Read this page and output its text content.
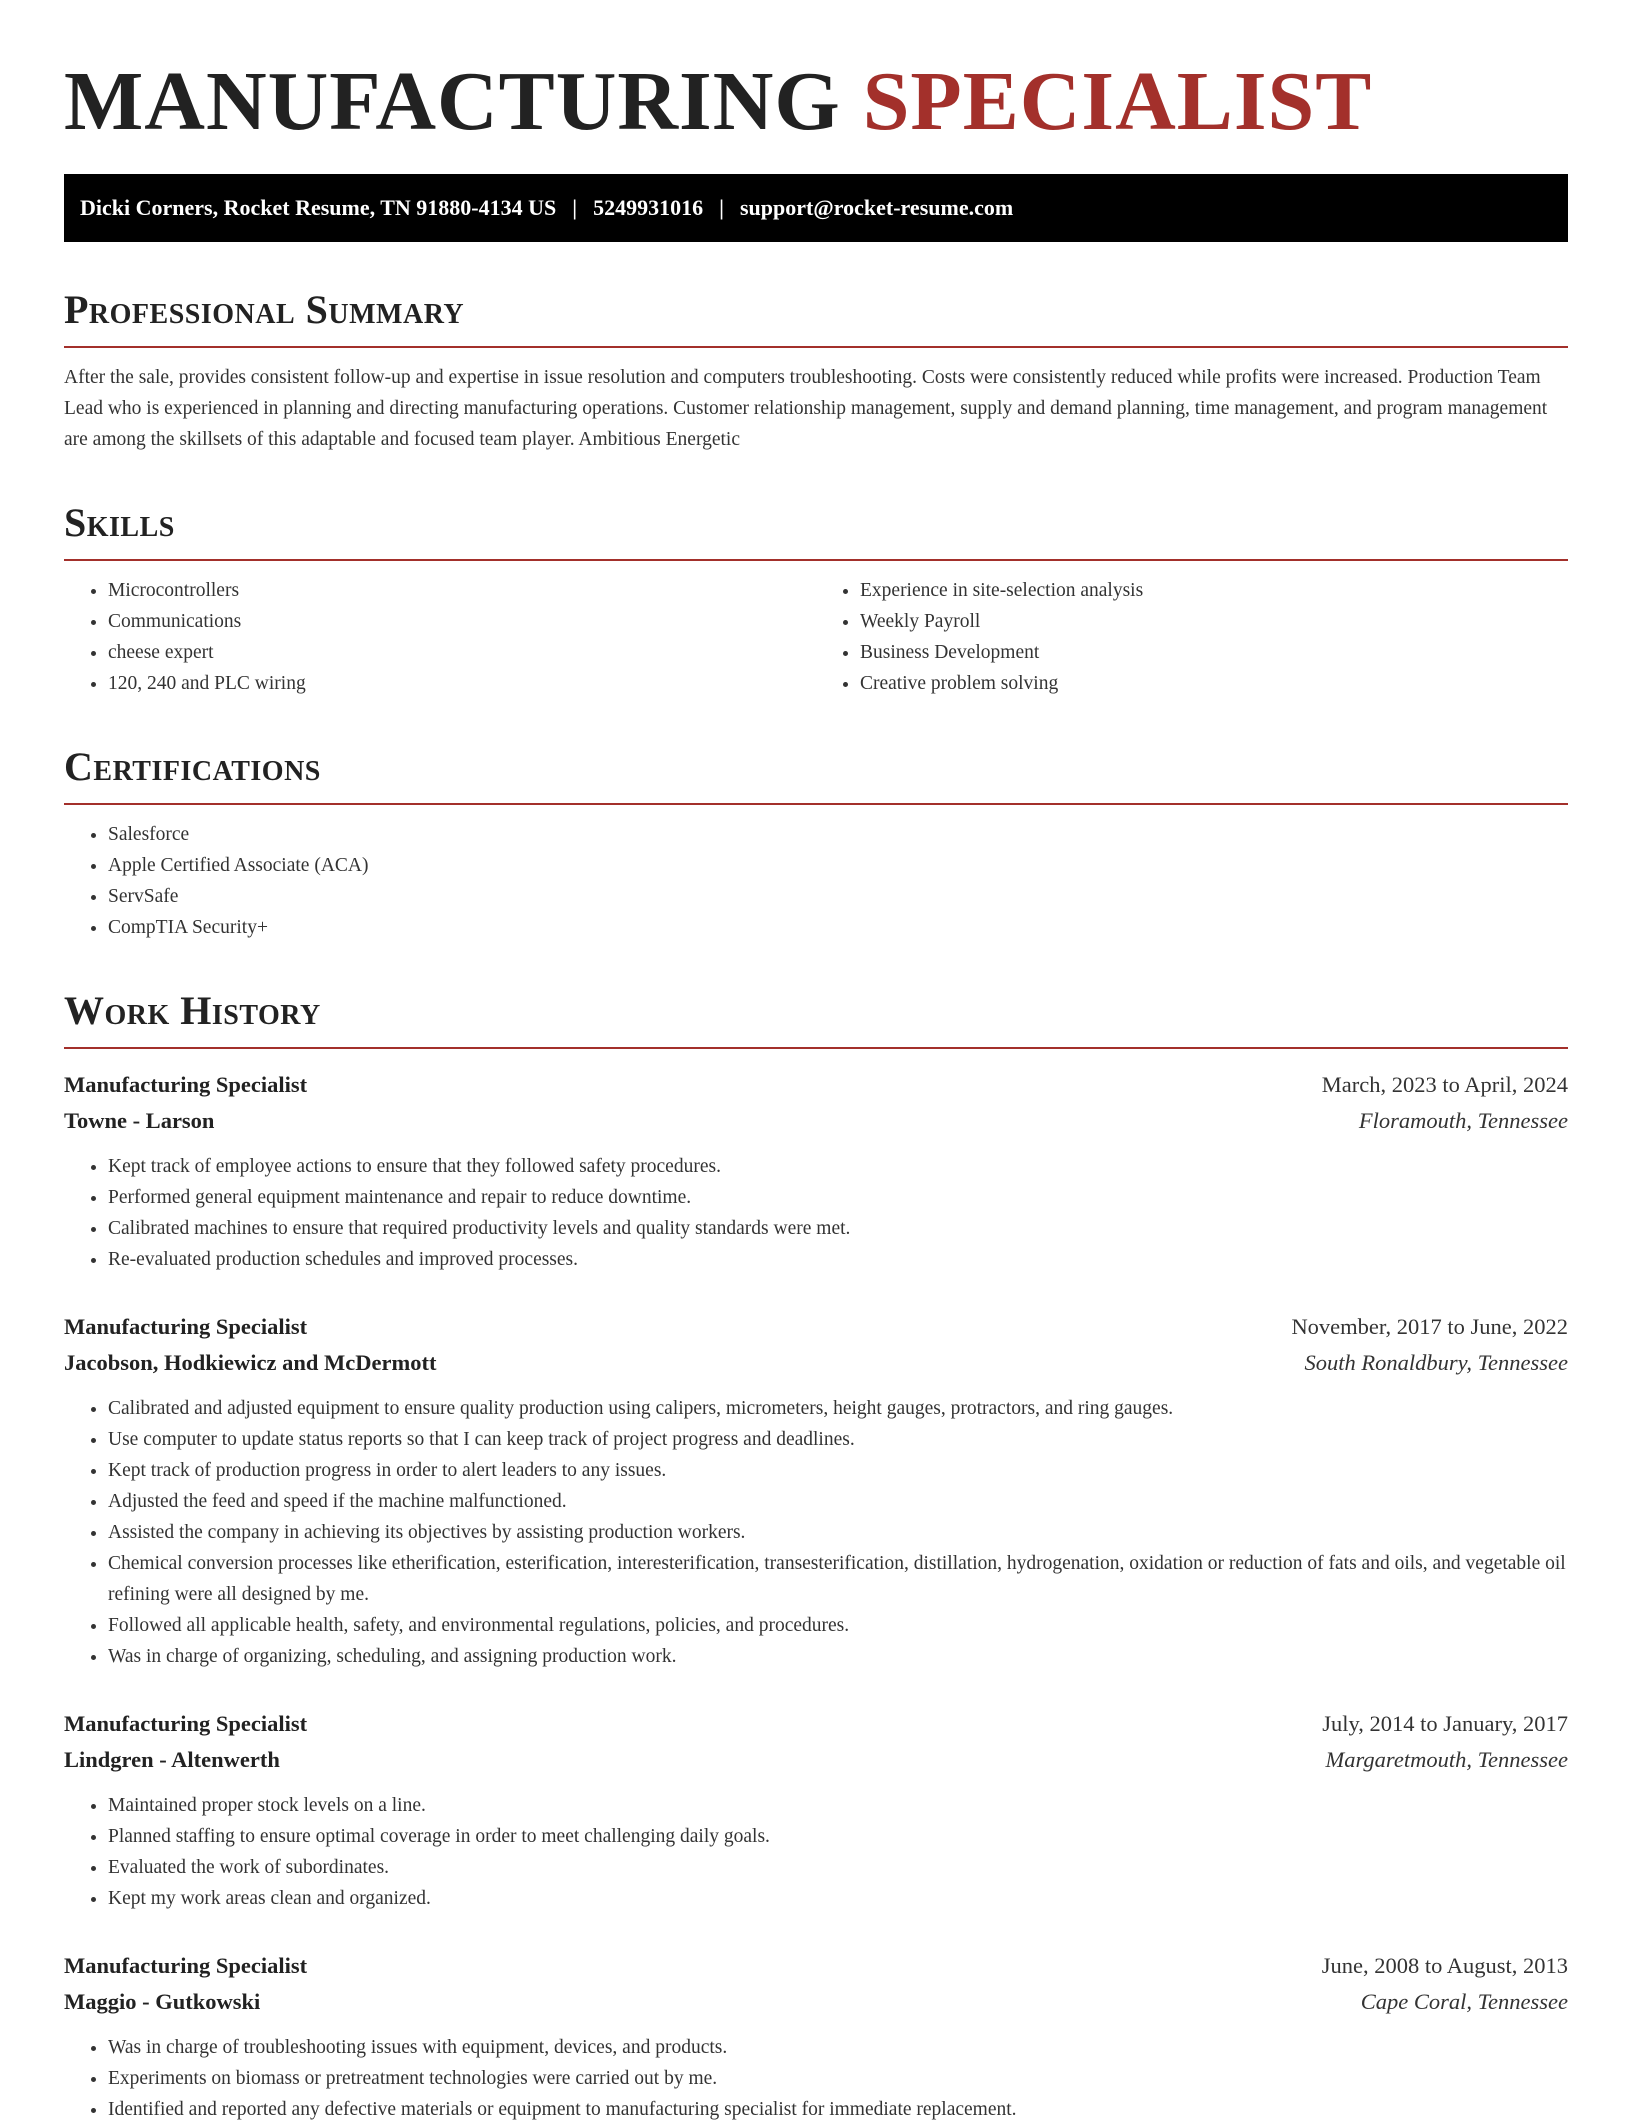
MANUFACTURING SPECIALIST
Dicki Corners, Rocket Resume, TN 91880-4134 US | 5249931016 | support@rocket-resume.com
Professional Summary

After the sale, provides consistent follow-up and expertise in issue resolution and computers troubleshooting. Costs were consistently reduced while profits were increased. Production Team Lead who is experienced in planning and directing manufacturing operations. Customer relationship management, supply and demand planning, time management, and program management are among the skillsets of this adaptable and focused team player. Ambitious Energetic

Skills
• Microcontrollers
• Communications
• cheese expert
• 120, 240 and PLC wiring
• Experience in site-selection analysis
• Weekly Payroll
• Business Development
• Creative problem solving
Certifications
• Salesforce
• Apple Certified Associate (ACA)
• ServSafe
• CompTIA Security+
Work History
Manufacturing Specialist	March, 2023 to April, 2024
Towne - Larson	Floramouth, Tennessee
• Kept track of employee actions to ensure that they followed safety procedures.
• Performed general equipment maintenance and repair to reduce downtime.
• Calibrated machines to ensure that required productivity levels and quality standards were met.
• Re-evaluated production schedules and improved processes.
Manufacturing Specialist	November, 2017 to June, 2022
Jacobson, Hodkiewicz and McDermott	South Ronaldbury, Tennessee
• Calibrated and adjusted equipment to ensure quality production using calipers, micrometers, height gauges, protractors, and ring gauges.
• Use computer to update status reports so that I can keep track of project progress and deadlines.
• Kept track of production progress in order to alert leaders to any issues.
• Adjusted the feed and speed if the machine malfunctioned.
• Assisted the company in achieving its objectives by assisting production workers.
• Chemical conversion processes like etherification, esterification, interesterification, transesterification, distillation, hydrogenation, oxidation or reduction of fats and oils, and vegetable oil refining were all designed by me.
• Followed all applicable health, safety, and environmental regulations, policies, and procedures.
• Was in charge of organizing, scheduling, and assigning production work.
Manufacturing Specialist	July, 2014 to January, 2017
Lindgren - Altenwerth	Margaretmouth, Tennessee
• Maintained proper stock levels on a line.
• Planned staffing to ensure optimal coverage in order to meet challenging daily goals.
• Evaluated the work of subordinates.
• Kept my work areas clean and organized.
Manufacturing Specialist	June, 2008 to August, 2013
Maggio - Gutkowski	Cape Coral, Tennessee
• Was in charge of troubleshooting issues with equipment, devices, and products.
• Experiments on biomass or pretreatment technologies were carried out by me.
• Identified and reported any defective materials or equipment to manufacturing specialist for immediate replacement.
